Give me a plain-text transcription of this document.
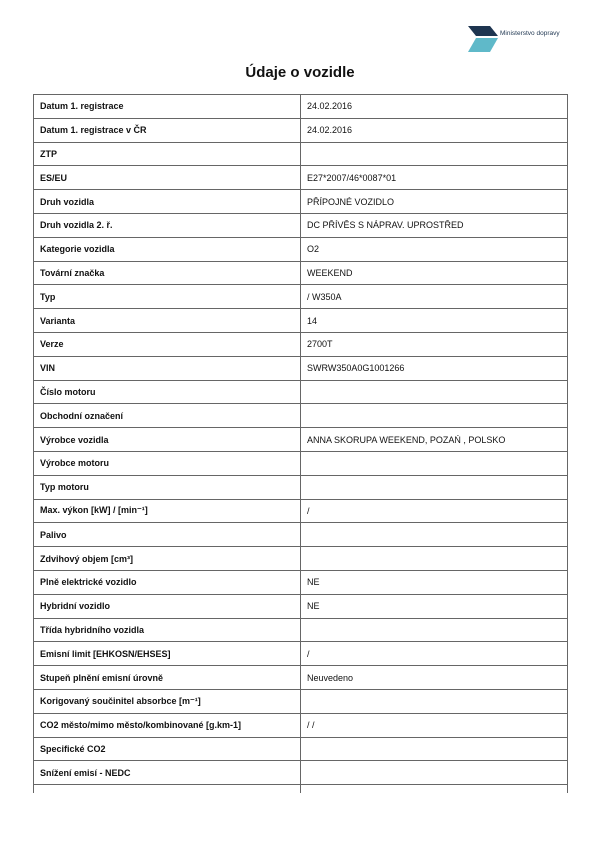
Ministerstvo dopravy
Údaje o vozidle
Datum 1. registrace	24.02.2016
Datum 1. registrace v ČR	24.02.2016
ZTP
ES/EU	E27*2007/46*0087*01
Druh vozidla	PŘÍPOJNÉ VOZIDLO
Druh vozidla 2. ř.	DC PŘÍVĚS S NÁPRAV. UPROSTŘED
Kategorie vozidla	O2
Tovární značka	WEEKEND
Typ	/ W350A
Varianta	14
Verze	2700T
VIN	SWRW350A0G1001266
Číslo motoru
Obchodní označení
Výrobce vozidla	ANNA SKORUPA WEEKEND, POZAŃ , POLSKO
Výrobce motoru
Typ motoru
Max. výkon [kW] / [min⁻¹]	/
Palivo
Zdvihový objem [cm³]
Plně elektrické vozidlo	NE
Hybridní vozidlo	NE
Třída hybridního vozidla
Emisní limit [EHKOSN/EHSES]	/
Stupeň plnění emisní úrovně	Neuvedeno
Korigovaný součinitel absorbce [m⁻¹]
CO2 město/mimo město/kombinované [g.km-1]	/ /
Specifické CO2
Snížení emisí - NEDC
